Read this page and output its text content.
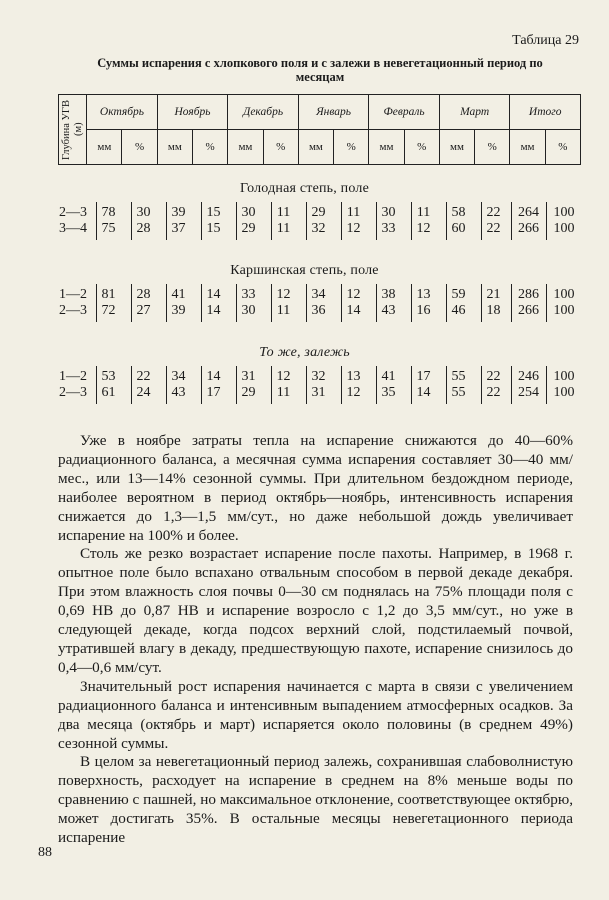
Таблица 29
Суммы испарения с хлопкового поля и с залежи в невегетационный период по месяцам
Глубина УГВ (м)	Октябрь		Ноябрь		Декабрь		Январь		Февраль		Март		Итого	
	мм	%	мм	%	мм	%	мм	%	мм	%	мм	%	мм	%
Голодная степь, поле
2—3	78	30	39	15	30	11	29	11	30	11	58	22	264	100
3—4	75	28	37	15	29	11	32	12	33	12	60	22	266	100
Каршинская степь, поле
1—2	81	28	41	14	33	12	34	12	38	13	59	21	286	100
2—3	72	27	39	14	30	11	36	14	43	16	46	18	266	100
То же, залежь
1—2	53	22	34	14	31	12	32	13	41	17	55	22	246	100
2—3	61	24	43	17	29	11	31	12	35	14	55	22	254	100

Уже в ноябре затраты тепла на испарение снижаются до 40—60% радиационного баланса, а месячная сумма испарения составляет 30—40 мм/мес., или 13—14% сезонной суммы. При длительном бездождном периоде, наиболее вероятном в период октябрь—ноябрь, интенсивность испарения снижается до 1,3—1,5 мм/сут., но даже небольшой дождь увеличивает испарение на 100% и более.

Столь же резко возрастает испарение после пахоты. Например, в 1968 г. опытное поле было вспахано отвальным способом в первой декаде декабря. При этом влажность слоя почвы 0—30 см поднялась на 75% площади поля с 0,69 НВ до 0,87 НВ и испарение возросло с 1,2 до 3,5 мм/сут., но уже в следующей декаде, когда подсох верхний слой, подстилаемый почвой, утратившей влагу в декаду, предшествующую пахоте, испарение снизилось до 0,4—0,6 мм/сут.

Значительный рост испарения начинается с марта в связи с увеличением радиационного баланса и интенсивным выпадением атмосферных осадков. За два месяца (октябрь и март) испаряется около половины (в среднем 49%) сезонной суммы.

В целом за невегетационный период залежь, сохранившая слабоволнистую поверхность, расходует на испарение в среднем на 8% меньше воды по сравнению с пашней, но максимальное отклонение, соответствующее октябрю, может достигать 35%. В остальные месяцы невегетационного периода испарение

88
